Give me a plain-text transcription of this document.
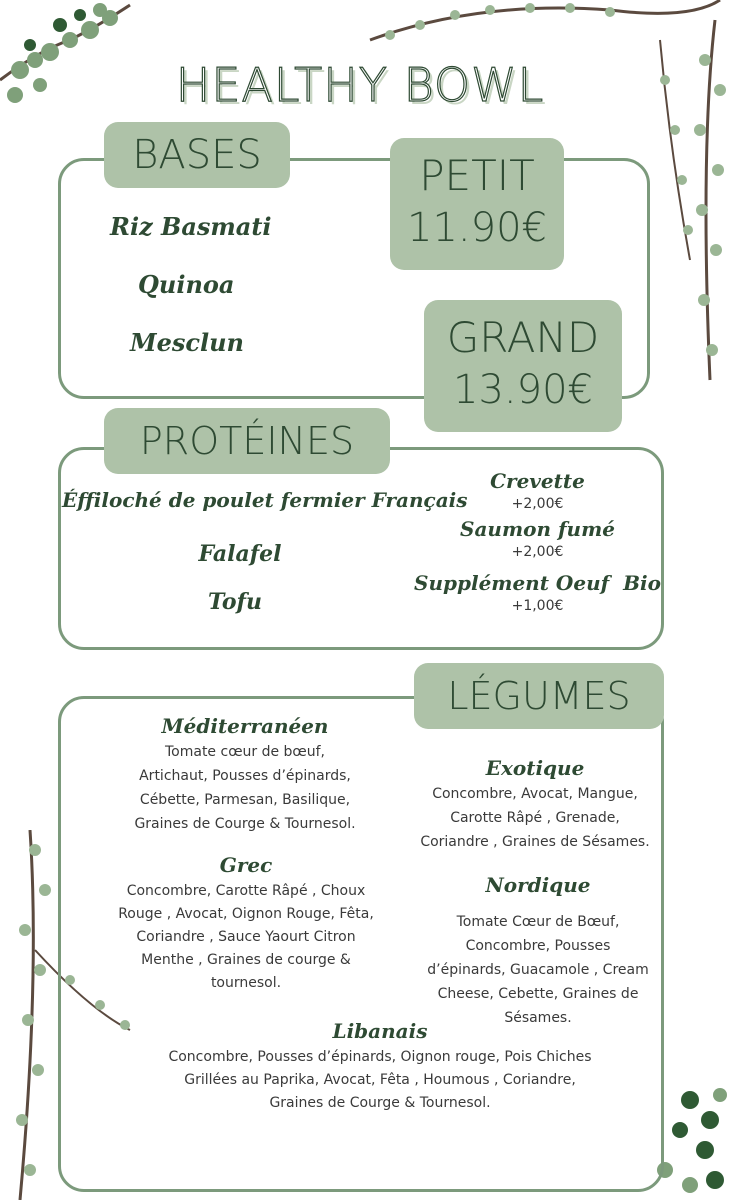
HEALTHY BOWL
BASES
Riz Basmati
Quinoa
Mesclun
PETIT
11.90€
GRAND
13.90€
PROTÉINES
Éffiloché de poulet fermier Français
Falafel
Tofu
Crevette
+2,00€
Saumon fumé
+2,00€
Supplément Oeuf  Bio
+1,00€
LÉGUMES
Méditerranéen
Tomate cœur de bœuf,
Artichaut, Pousses d’épinards,
Cébette, Parmesan, Basilique,
Graines de Courge & Tournesol.
Exotique
Concombre, Avocat, Mangue,
Carotte Râpé , Grenade,
Coriandre , Graines de Sésames.
Grec
Concombre, Carotte Râpé , Choux
Rouge , Avocat, Oignon Rouge, Fêta,
Coriandre , Sauce Yaourt Citron
Menthe , Graines de courge &
tournesol.
Nordique
Tomate Cœur de Bœuf,
Concombre, Pousses
d’épinards, Guacamole , Cream
Cheese, Cebette, Graines de
Sésames.
Libanais
Concombre, Pousses d’épinards, Oignon rouge, Pois Chiches
Grillées au Paprika, Avocat, Fêta , Houmous , Coriandre,
Graines de Courge & Tournesol.
